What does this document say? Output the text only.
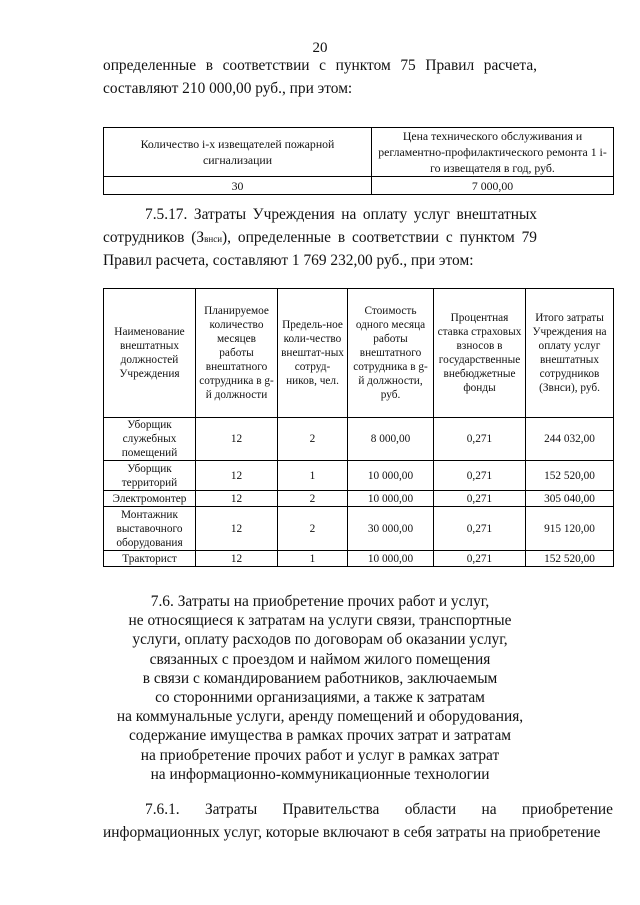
20

определенные в соответствии с пунктом 75 Правил расчета, составляют 210 000,00 руб., при этом:

Количество i-х извещателей пожарной сигнализации	Цена технического обслуживания и регламентно-профилактического ремонта 1 i-го извещателя в год, руб.
30	7 000,00

7.5.17. Затраты Учреждения на оплату услуг внештатных сотрудников (Звнси), определенные в соответствии с пунктом 79 Правил расчета, составляют 1 769 232,00 руб., при этом:

Наименование внештатных должностей Учреждения	Планируемое количество месяцев работы внештатного сотрудника в g-й должности	Предель-ное коли-чество внештат-ных сотруд-ников, чел.	Стоимость одного месяца работы внештатного сотрудника в g-й должности, руб.	Процентная ставка страховых взносов в государственные внебюджетные фонды	Итого затраты Учреждения на оплату услуг внештатных сотрудников (Звнси), руб.
Уборщик служебных помещений	12	2	8 000,00	0,271	244 032,00
Уборщик территорий	12	1	10 000,00	0,271	152 520,00
Электромонтер	12	2	10 000,00	0,271	305 040,00
Монтажник выставочного оборудования	12	2	30 000,00	0,271	915 120,00
Тракторист	12	1	10 000,00	0,271	152 520,00
7.6. Затраты на приобретение прочих работ и услуг,
не относящиеся к затратам на услуги связи, транспортные
услуги, оплату расходов по договорам об оказании услуг,
связанных с проездом и наймом жилого помещения
в связи с командированием работников, заключаемым
со сторонними организациями, а также к затратам
на коммунальные услуги, аренду помещений и оборудования,
содержание имущества в рамках прочих затрат и затратам
на приобретение прочих работ и услуг в рамках затрат
на информационно-коммуникационные технологии
7.6.1. Затраты Правительства области на приобретение
информационных услуг, которые включают в себя затраты на приобретение
